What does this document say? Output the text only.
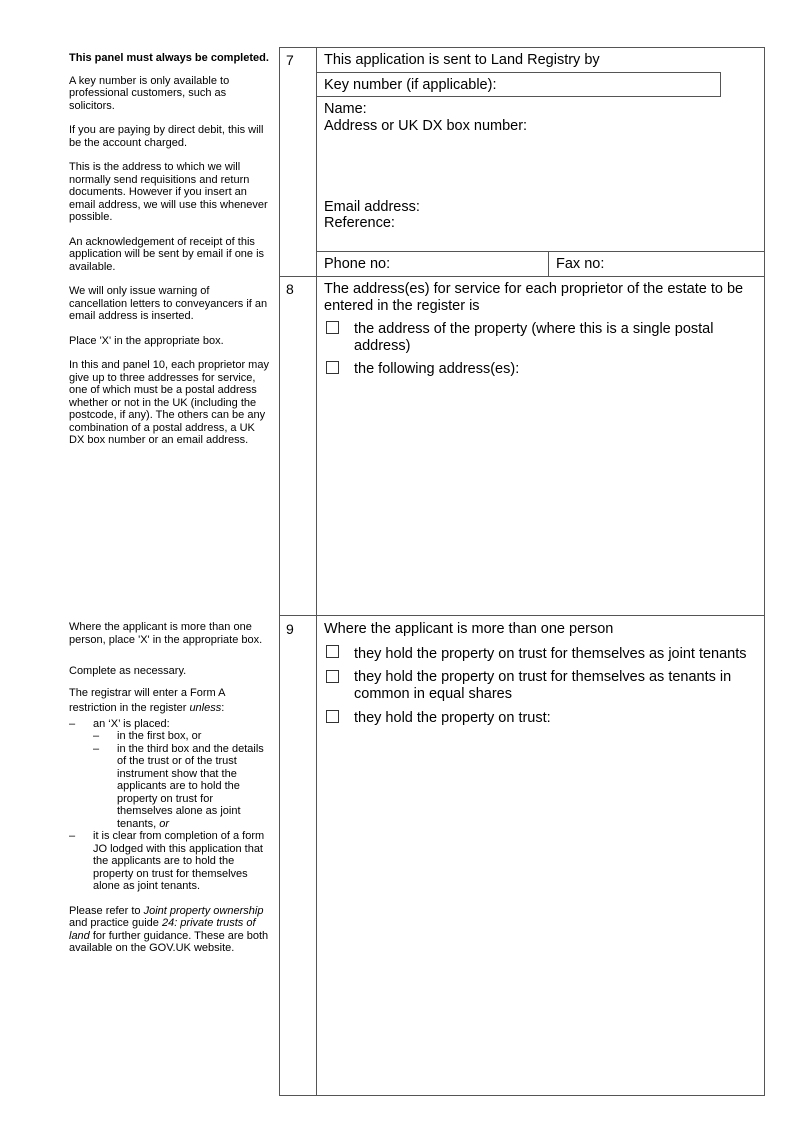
This panel must always be completed.

A key number is only available to professional customers, such as solicitors.

If you are paying by direct debit, this will be the account charged.

This is the address to which we will normally send requisitions and return documents. However if you insert an email address, we will use this whenever possible.

An acknowledgement of receipt of this application will be sent by email if one is available.

We will only issue warning of cancellation letters to conveyancers if an email address is inserted.

Place 'X' in the appropriate box.

In this and panel 10, each proprietor may give up to three addresses for service, one of which must be a postal address whether or not in the UK (including the postcode, if any). The others can be any combination of a postal address, a UK DX box number or an email address.

Where the applicant is more than one person, place 'X' in the appropriate box.

Complete as necessary.

The registrar will enter a Form A restriction in the register unless:

– an ‘X’ is placed:
– in the first box, or
– in the third box and the details of the trust or of the trust instrument show that the applicants are to hold the property on trust for themselves alone as joint tenants, or
– it is clear from completion of a form JO lodged with this application that the applicants are to hold the property on trust for themselves alone as joint tenants.

Please refer to Joint property ownership and practice guide 24: private trusts of land for further guidance. These are both available on the GOV.UK website.

7 This application is sent to Land Registry by
Key number (if applicable):
Name:
Address or UK DX box number:
Email address:
Reference:
Phone no:	Fax no:
8 The address(es) for service for each proprietor of the estate to be entered in the register is
the address of the property (where this is a single postal address)
the following address(es):
9 Where the applicant is more than one person
they hold the property on trust for themselves as joint tenants
they hold the property on trust for themselves as tenants in common in equal shares
they hold the property on trust:
